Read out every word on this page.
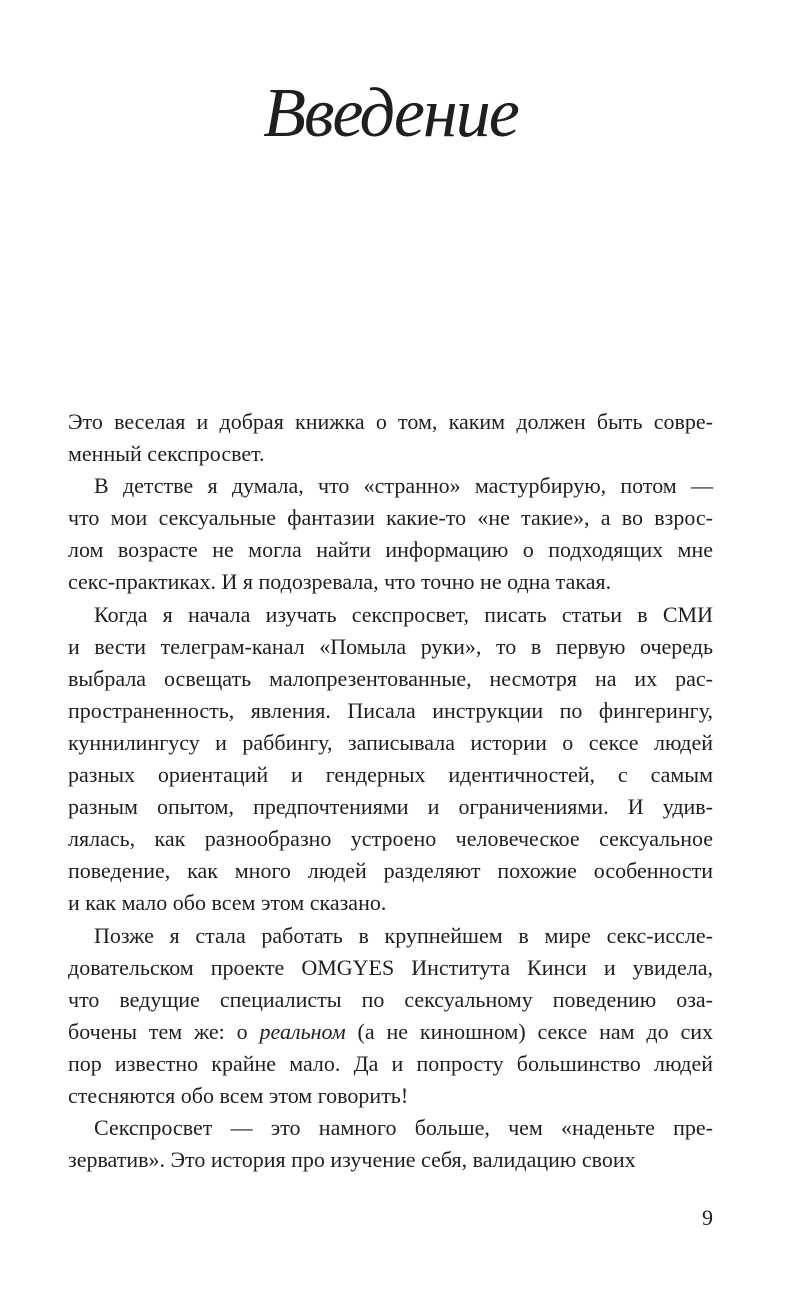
Введение
Это веселая и добрая книжка о том, каким должен быть совре-
менный секспросвет.
В детстве я думала, что «странно» мастурбирую, потом —
что мои сексуальные фантазии какие-то «не такие», а во взрос-
лом возрасте не могла найти информацию о подходящих мне
секс-практиках. И я подозревала, что точно не одна такая.
Когда я начала изучать секспросвет, писать статьи в СМИ
и вести телеграм-канал «Помыла руки», то в первую очередь
выбрала освещать малопрезентованные, несмотря на их рас-
пространенность, явления. Писала инструкции по фингерингу,
куннилингусу и раббингу, записывала истории о сексе людей
разных ориентаций и гендерных идентичностей, с самым
разным опытом, предпочтениями и ограничениями. И удив-
лялась, как разнообразно устроено человеческое сексуальное
поведение, как много людей разделяют похожие особенности
и как мало обо всем этом сказано.
Позже я стала работать в крупнейшем в мире секс-иссле-
довательском проекте OMGYES Института Кинси и увидела,
что ведущие специалисты по сексуальному поведению оза-
бочены тем же: о реальном (а не киношном) сексе нам до сих
пор известно крайне мало. Да и попросту большинство людей
стесняются обо всем этом говорить!
Секспросвет — это намного больше, чем «наденьте пре-
зерватив». Это история про изучение себя, валидацию своих
9
